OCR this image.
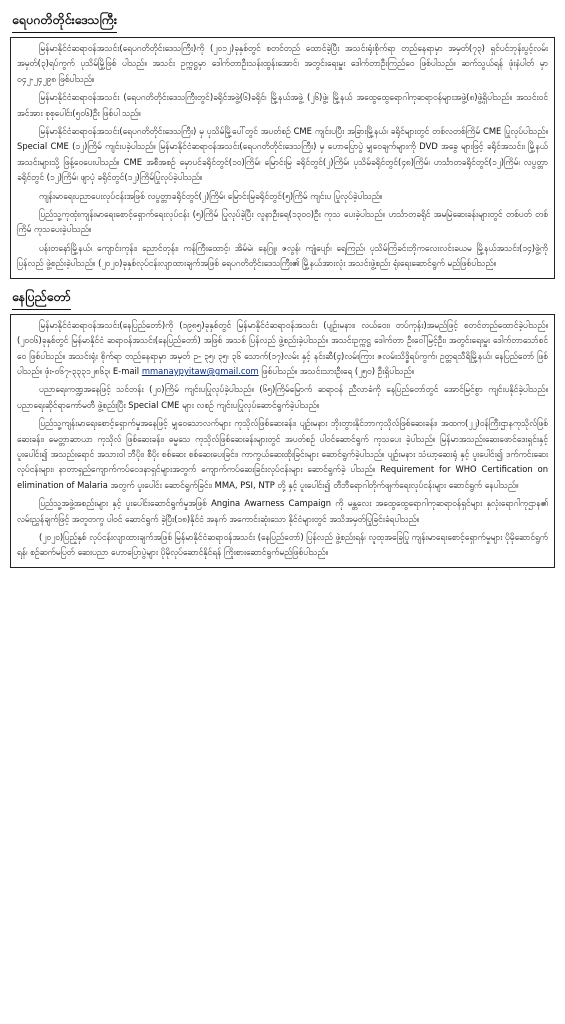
ရေပဂတိတိုင်းဒေသကြီး

မြန်မာနိုင်ငံဆရာဝန်အသင်း(ရေပဂတိတိုင်းဒေသကြီး)ကို (၂၀၁၂)ခုနှစ်တွင် စတင်တည် ထောင်ခဲ့ပြီး အသင်းရုံးစိုက်ရာ တည်နေရာမှာ အမှတ်(၇၃) ရှင်ပင်ဘုန်းပွင့်လမ်း အမှတ်(၃)ရပ်ကွက် ပုသိမ်မြို့ဖြစ် ပါသည်။ အသင်း ဥက္ကဋ္ဌမှာ ဒေါက်တာဦးသန်းထွန်းအောင်၊ အတွင်းရေးမှူး ဒေါက်တာဦးကြည်ဝေ ဖြစ်ပါသည်။ ဆက်သွယ်ရန် ဖုံးနံပါတ် မှာ ၀၄၂-၂၄၂၉၈ ဖြစ်ပါသည်။

မြန်မာနိုင်ငံဆရာဝန်အသင်း (ရေပဂတိတိုင်းဒေသကြီးတွင်)ခရိုင်အဖွဲ့(၆)ခရိုင်၊ မြို့နယ်အဖွဲ့ (၂၆)ဖွဲ့၊ မြို့နယ် အထွေထွေရောဂါကုဆရာဝန်များအဖွဲ့(၈)ဖွဲ့ရှိပါသည်။ အသင်းဝင်အင်အား စုစုပေါင်း(၅၀၆)ဦး ဖြစ်ပါ သည်။

မြန်မာနိုင်ငံဆရာဝန်အသင်း(ရေပဂတိတိုင်းဒေသကြီး) မှ ပုသိမ်မြို့ပေါ်တွင် အပတ်စဉ် CME ကျင်းပပြီး အခြားမြို့နယ်၊ ခရိုင်များတွင် တစ်လတစ်ကြိမ် CME ပြုလုပ်ပါသည်။ Special CME (၁၂)ကြိမ် ကျင်းပခဲ့ပါသည်။ မြန်မာနိုင်ငံဆရာဝန်အသင်း(ရေပဂတိတိုင်းဒေသကြီး) မှ ဟောပြောပွဲ မျှဝေချက်များကို DVD အခွေ များဖြင့် ခရိုင်အသင်း၊ မြို့နယ်အသင်းများသို့ ဖြန့်ဝေပေးပါသည်။ CME အစီအစဉ် မှောပင်ခရိုင်တွင်(၁၀)ကြိမ်၊ မြောင်းမြ ခရိုင်တွင်(၂)ကြိမ်၊ ပုသိမ်ခရိုင်တွင်(၄၈)ကြိမ်၊ ဟင်္သာတခရိုင်တွင်(၁၂)ကြိမ်၊ လပွတ္တာခရိုင်တွင် (၁၂)ကြိမ်၊ ဖျာပုံ ခရိုင်တွင်(၁၂)ကြိမ်ပြုလုပ်ခဲ့ပါသည်။

ကျန်းမာရေးပညာပေးလုပ်ငန်းအဖြစ် လပွတ္တာခရိုင်တွင်(၂)ကြိမ်၊ မြောင်းမြခရိုင်တွင်(၅)ကြိမ် ကျင်းပ ပြုလုပ်ခဲ့ပါသည်။

ပြည်သူ့ကုထုံးကျန်းမာရေးစောင့်ရှောက်ရေးလုပ်ငန်း (၅)ကြိမ် ပြုလုပ်ခဲ့ပြီး လူနာဦးရေ(၁၃၀၀)ဦး ကုသ ပေးခဲ့ပါသည်။ ဟင်္သာတခရိုင် အမမြဲဆေးခန်းများတွင် တစ်ပတ် တစ်ကြိမ် ကုသပေးခဲ့ပါသည်။

ပန်းတနော်မြို့နယ်၊ ကျောင်းကုန်း၊ ညောင်တုန်း၊ ကန်ကြီးထောင့်၊ အိမ်မဲ၊ နေဂြူ၊ ဇလွန်၊ ကျုံပျော်၊ ရေကြည်၊ ပုသိမ်ကြံခင်းဘိုကလေးလင်းခယမ မြို့နယ်အသင်း(၁၄)ဖွဲ့ကို ပြန်လည် ဖွဲ့စည်းခဲ့ပါသည်။ (၂၀၂၀)ခုနှစ်လုပ်ငန်းလျာထားချက်အဖြစ် ရေပဂတိတိုင်းဒေသကြီး၏ မြို့နယ်အားလုံး အသင်းဖွဲ့စည်း ရုံးရေးဆောင်ရွက် မည်ဖြစ်ပါသည်။

နေပြည်တော်

မြန်မာနိုင်ငံဆရာဝန်အသင်း(နေပြည်တော်)ကို (၁၉၈၅)ခုနှစ်တွင် မြန်မာနိုင်ငံဆရာဝန်အသင်း (ပျဉ်းမနား၊ လယ်ဝေး၊ တပ်ကုန်း)အမည်ဖြင့် စတင်တည်ထောင်ခဲ့ပါသည်။ (၂၀၀၆)ခုနှစ်တွင် မြန်မာနိုင်ငံ ဆရာဝန်အသင်း(နေပြည်တော်) အဖြစ် အသစ် ပြန်လည် ဖွဲ့စည်းခဲ့ပါသည်။ အသင်းဥက္ကဋ္ဌ ဒေါက်တာ ဦးဝေါ်မြင့်ဦး၊ အတွင်းရေးမှူး ဒေါက်တာသော်စင်ဝေ ဖြစ်ပါသည်။ အသင်းရုံး စိုက်ရာ တည်နေရာမှာ အမှတ် ဉ- ၃၅၊ ၃၅၊ ၃၆ သောက်(၁၇)လမ်း နှင့် နင်းဆီ(၄)လမ်းကြား ဇလမ်းသိဒ္ဓိရပ်ကွက်၊ ဥတ္တရသီရိမြို့နယ်၊ နေပြည်တော် ဖြစ်ပါသည်။ ဖုံး-၀၆၇-၃၃၃၁၂၈၆၃၊ E-mail mmanaypyitaw@gmail.com ဖြစ်ပါသည်။ အသင်းသားဦးရေ (၂၅၀) ဦးရှိပါသည်။

ပညာရေးကဏ္ဍအနေဖြင့် သင်တန်း (၂၀)ကြိမ် ကျင်းပပြုလုပ်ခဲ့ပါသည်။ (၆၅)ကြိမ်မြောက် ဆရာဝန် ညီလာခံကို နေပြည်တော်တွင် အောင်မြင်စွာ ကျင်းပနိုင်ခဲ့ပါသည်။ ပညာရေးဆိုင်ရာကော်မတီ ဖွဲ့စည်းပြီး Special CME များ လစဉ် ကျင်းပပြုလုပ်ဆောင်ရွက်ခဲ့ပါသည်။

ပြည်သူ့ကျန်းမာရေးစောင့်ရှောက်မှုအနေဖြင့် မျှဝေသောလက်များ ကုသိုလ်ဖြစ်ဆေးခန်း၊ ပျဉ်းမနား ဘိုးတွားနိုင်ဘာကုသိုလ်ဖြစ်ဆေးခန်း၊ အထက(၂၂)ဝန်ကြီးဌာနကုသိုလ်ဖြစ်ဆေးခန်း၊ မေတ္တာဆာယာ ကုသိုလ် ဖြစ်ဆေးခန်း၊ ဓမ္မသေ ကုသိုလ်ဖြစ်ဆေးခန်းများတွင် အပတ်စဉ် ပါဝင်ဆောင်ရွက် ကုသပေး ခဲ့ပါသည်။ မြန်မာအသည်းဆေးဖောင်ဒေးရှင်းနှင့်ပူးပေါင်း၍ အသည်းရောင် အသားဝါ ဘီပိုး၊ စီပိုး စစ်ဆေး စစ်ဆေးပေးခြင်း၊ ကာကွယ်ဆေးထိုးခြင်းများ ဆောင်ရွက်ခဲ့ပါသည်။ ပျဉ်းမနား သံဃာ့ဆေးရုံ နှင့် ပူးပေါင်း၍ ဒက်ကင်းဆေး လုပ်ငန်းများ၊ နာတာရှည်ကျောက်ကပ်ဝေဒနာရှင်များအတွက် ကျောက်ကပ်ဆေးခြင်းလုပ်ငန်းများ ဆောင်ရွက်ခဲ့ ပါသည်။ Requirement for WHO Certification on elimination of Malaria အတွက် ပူးပေါင်း ဆောင်ရွက်ခြင်း၊ MMA, PSI, NTP တို့ နှင့် ပူးပေါင်း၍ တီဘီရောဂါတိုက်ဖျက်ရေးလုပ်ငန်းများ ဆောင်ရွက် နေပါသည်။

ပြည်သူ့အဖွဲ့အစည်းများ နှင့် ပူးပေါင်းဆောင်ရွက်မှုအဖြစ် Angina Awarness Campaign ကို မန္တလေး အထွေထွေရောဂါကုဆရာဝန်ရှင်များ နှလုံးရောဂါကုဌာန၏ လမ်းညွှန်ချက်ဖြင့် အတူတကွ ပါဝင် ဆောင်ရွက် ခဲ့ပြီး(၁၈)နိုင်ငံ အနက် အကောင်းဆုံးသော နိုင်ငံများတွင် အသိအမှတ်ပြုခြင်းခံရပါသည်။

(၂၀၂၀)ပြည့်နှစ် လုပ်ငန်းလျာထားချက်အဖြစ် မြန်မာနိုင်ငံဆရာဝန်အသင်း (နေပြည်တော်) ပြန်လည် ဖွဲ့စည်းရန်၊ လူထုအခြေပြု ကျန်းမာရေးစောင့်ရှောက်မှုများ ပိုမိုဆောင်ရွက်ရန်၊ စဉ်ဆက်မပြတ် ဆေးပညာ ဟောပြောပွဲများ ပိုမိုလုပ်ဆောင်နိုင်ရန် ကြိုးစားဆောင်ရွက်မည်ဖြစ်ပါသည်။
